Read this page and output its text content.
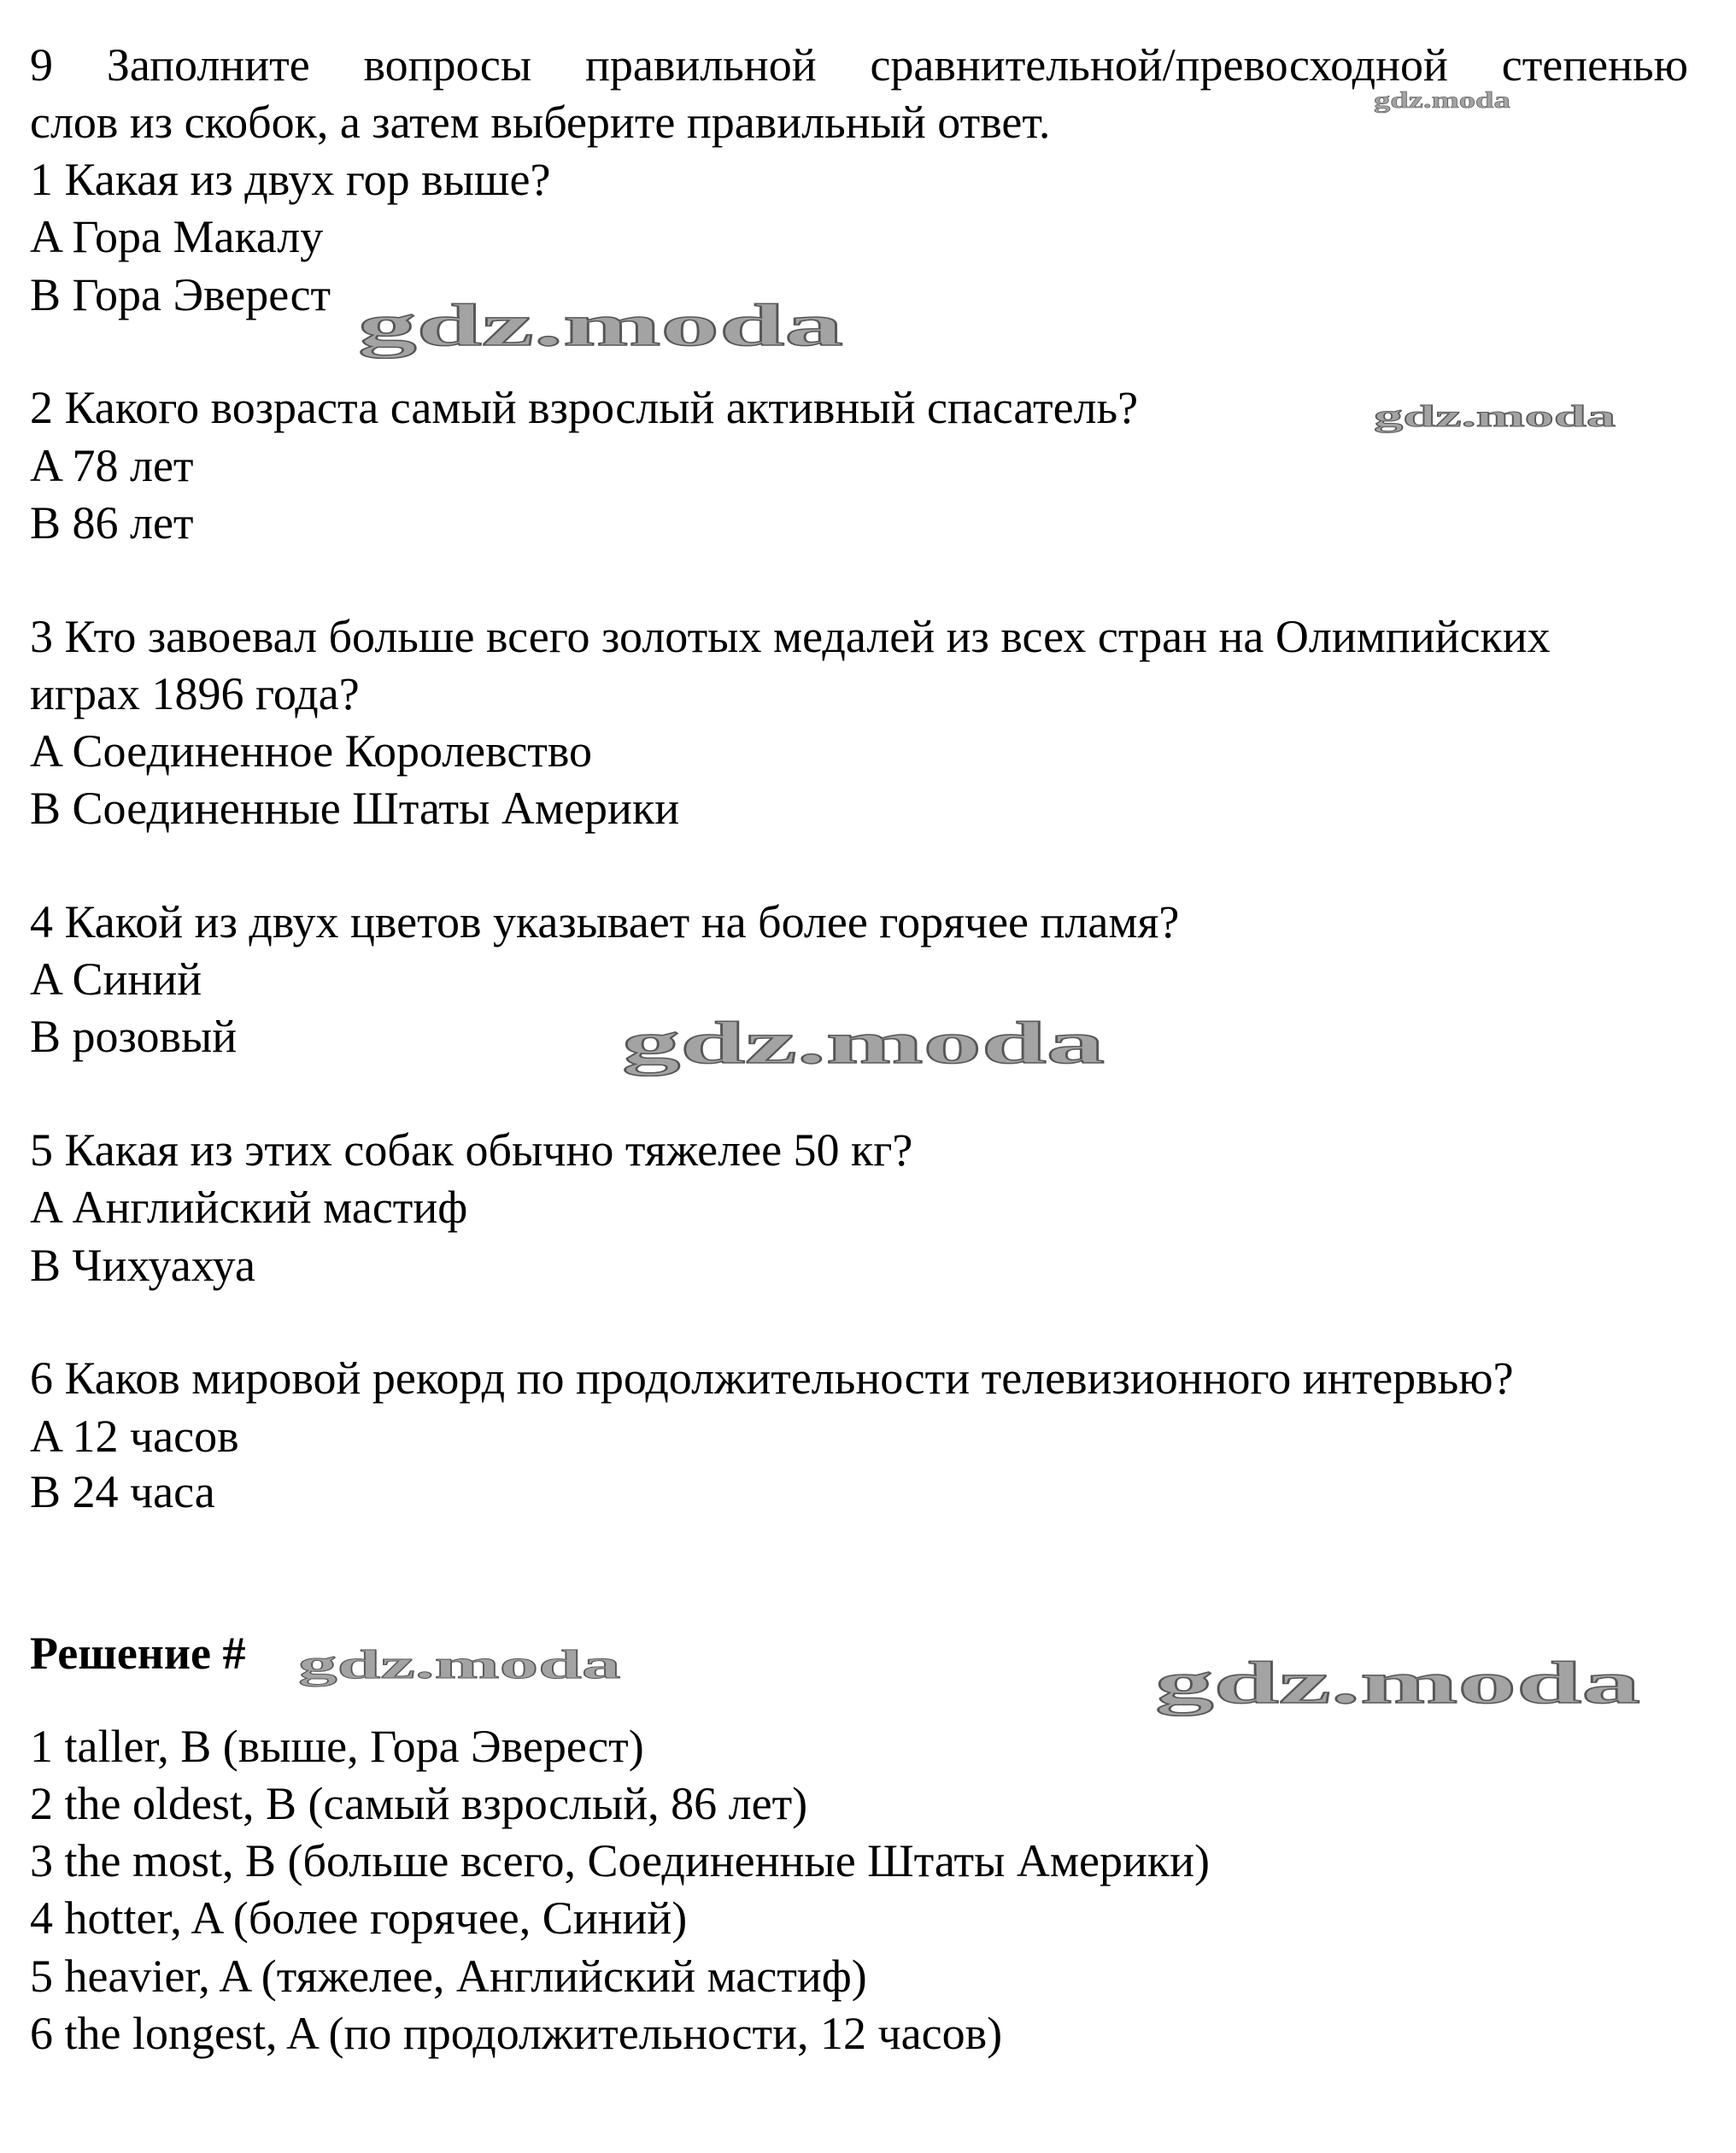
9 Заполните вопросы правильной сравнительной/превосходной степенью
слов из скобок, а затем выберите правильный ответ.
1 Какая из двух гор выше?
A Гора Макалу
B Гора Эверест
2 Какого возраста самый взрослый активный спасатель?
A 78 лет
B 86 лет
3 Кто завоевал больше всего золотых медалей из всех стран на Олимпийских
играх 1896 года?
A Соединенное Королевство
B Соединенные Штаты Америки
4 Какой из двух цветов указывает на более горячее пламя?
A Синий
B розовый
5 Какая из этих собак обычно тяжелее 50 кг?
A Английский мастиф
B Чихуахуа
6 Каков мировой рекорд по продолжительности телевизионного интервью?
A 12 часов
B 24 часа
Решение #
1 taller, B (выше, Гора Эверест)
2 the oldest, B (самый взрослый, 86 лет)
3 the most, B (больше всего, Соединенные Штаты Америки)
4 hotter, A (более горячее, Синий)
5 heavier, A (тяжелее, Английский мастиф)
6 the longest, A (по продолжительности, 12 часов)
gdz.moda
gdz.moda
gdz.moda
gdz.moda
gdz.moda	gdz.moda
